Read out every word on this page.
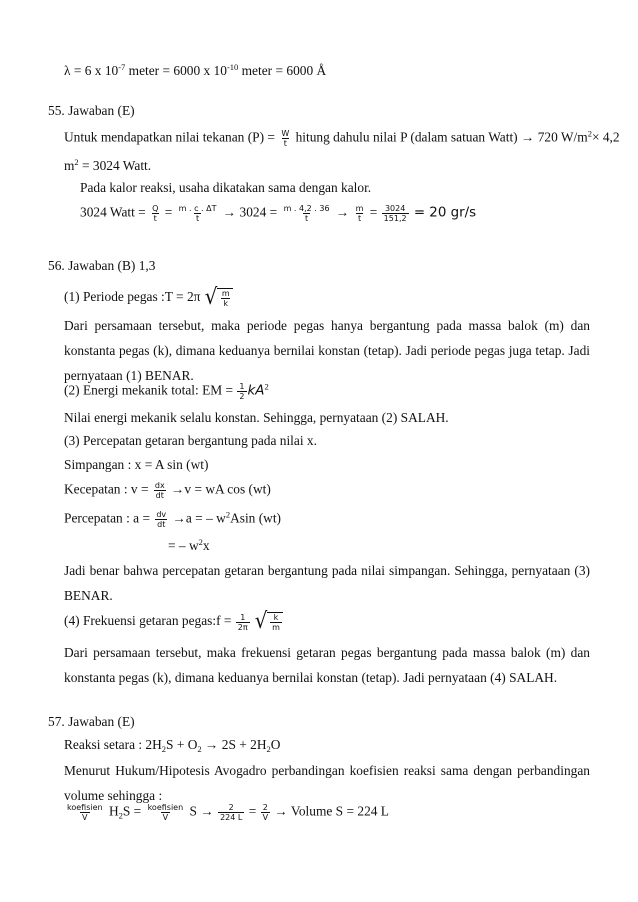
λ = 6 x $10^{-7}$ meter = 6000 x $10^{-10}$ meter = 6000 Å
55. Jawaban (E)
Untuk mendapatkan nilai tekanan $(P) = \frac{W}{t}$ hitung dahulu nilai P (dalam satuan Watt) → 720 $W/m^2\times 4,2$
$m^2 = 3024$ Watt.
Pada kalor reaksi, usaha dikatakan sama dengan kalor.
3024 Watt = $\frac{Q}{t} = \frac{m . c . \Delta T}{t} \to 3024 = \frac{m . 4,2 . 36}{t} \to \frac{m}{t} = \frac{3024}{151,2} = 20$ gr/s
56. Jawaban (B) 1,3
(1) Periode pegas :T = 2π √ $\frac{m}{k}$
Dari persamaan tersebut, maka periode pegas hanya bergantung pada massa balok (m) dan konstanta pegas (k), dimana keduanya bernilai konstan (tetap). Jadi periode pegas juga tetap. Jadi pernyataan (1) BENAR.
(2) Energi mekanik total: EM = $\frac{1}{2} kA^2$
Nilai energi mekanik selalu konstan. Sehingga, pernyataan (2) SALAH.
(3) Percepatan getaran bergantung pada nilai x.
Simpangan : x = A sin (wt)
Kecepatan : $v = \frac{dx}{dt} \to v$ = wA cos (wt)
Percepatan : $a = \frac{dv}{dt} \to a$ = – $w^2Asin$ (wt)
= – $w^2x$
Jadi benar bahwa percepatan getaran bergantung pada nilai simpangan. Sehingga, pernyataan (3) BENAR.
(4) Frekuensi getaran pegas:f = $\frac{1}{2\pi}$
√ $\frac{k}{m}$
Dari persamaan tersebut, maka frekuensi getaran pegas bergantung pada massa balok (m) dan konstanta pegas (k), dimana keduanya bernilai konstan (tetap). Jadi pernyataan (4) SALAH.
57. Jawaban (E)
Reaksi setara : $2H_2S + O_2 \to 2S + 2H_2O$
Menurut Hukum/Hipotesis Avogadro perbandingan koefisien reaksi sama dengan perbandingan volume sehingga :
$\frac{\text{koefisien}}{V} H_2S = \frac{\text{koefisien}}{V}$ $S \to \frac{2}{224 L} = \frac{2}{V}$ → Volume S = 224 L
